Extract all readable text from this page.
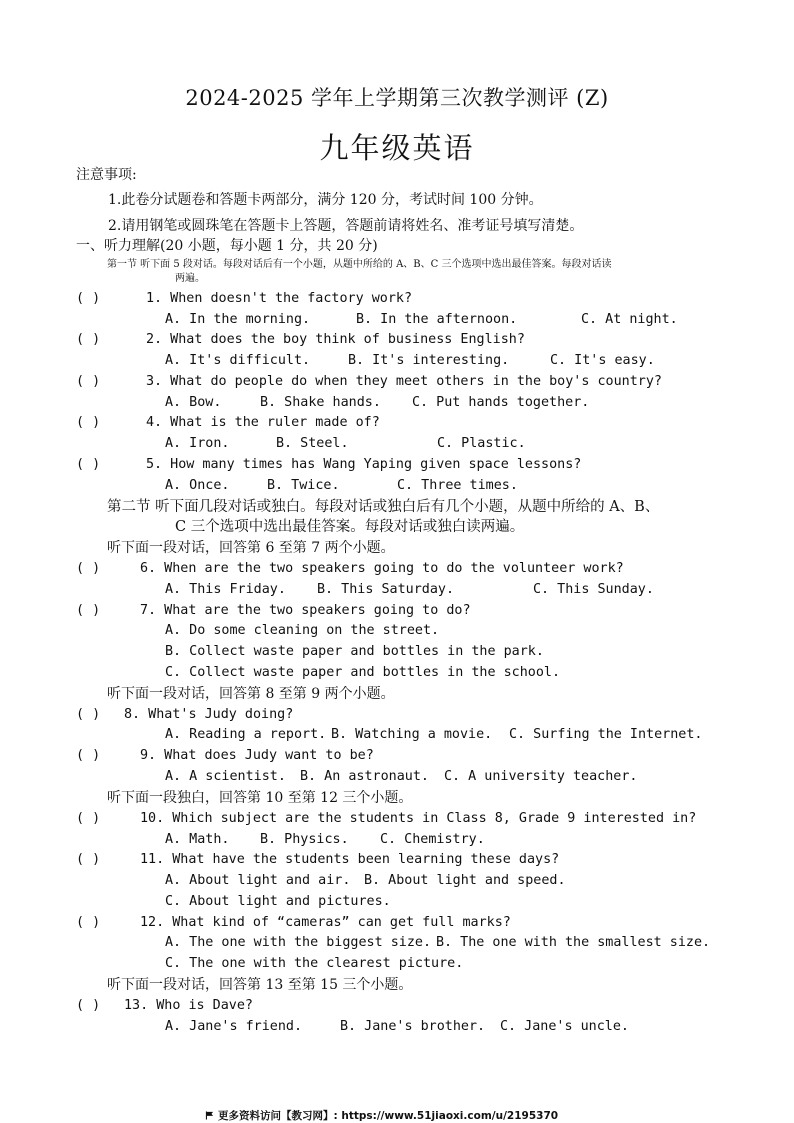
2024-2025 学年上学期第三次教学测评 (Z)
九年级英语
注意事项:
1.此卷分试题卷和答题卡两部分，满分 120 分，考试时间 100 分钟。
2.请用钢笔或圆珠笔在答题卡上答题，答题前请将姓名、准考证号填写清楚。
一、听力理解(20 小题，每小题 1 分，共 20 分)
第一节 听下面 5 段对话。每段对话后有一个小题，从题中所给的 A、B、C 三个选项中选出最佳答案。每段对话读
两遍。
( )	1. When doesn't the factory work?
A. In the morning.	B. In the afternoon.	C. At night.
( )	2. What does the boy think of business English?
A. It's difficult.	B. It's interesting.	C. It's easy.
( )	3. What do people do when they meet others in the boy's country?
A. Bow.	B. Shake hands. C. Put hands together.
( )	4. What is the ruler made of?
A. Iron.	B. Steel.	C. Plastic.
( )	5. How many times has Wang Yaping given space lessons?
A. Once.	B. Twice.	C. Three times.
第二节 听下面几段对话或独白。每段对话或独白后有几个小题，从题中所给的 A、B、
C 三个选项中选出最佳答案。每段对话或独白读两遍。
听下面一段对话，回答第 6 至第 7 两个小题。
( )	6. When are the two speakers going to do the volunteer work?
A. This Friday. B. This Saturday.	C. This Sunday.
( )	7. What are the two speakers going to do?
A. Do some cleaning on the street.
B. Collect waste paper and bottles in the park.
C. Collect waste paper and bottles in the school.
听下面一段对话，回答第 8 至第 9 两个小题。
( ) 8. What's Judy doing?
A. Reading a report. B. Watching a movie. C. Surfing the Internet.
( )	9. What does Judy want to be?
A. A scientist. B. An astronaut. C. A university teacher.
听下面一段独白，回答第 10 至第 12 三个小题。
( )	10. Which subject are the students in Class 8, Grade 9 interested in?
A. Math. B. Physics. C. Chemistry.
( )	11. What have the students been learning these days?
A. About light and air. B. About light and speed.
C. About light and pictures.
( )	12. What kind of “cameras” can get full marks?
A. The one with the biggest size. B. The one with the smallest size.
C. The one with the clearest picture.
听下面一段对话，回答第 13 至第 15 三个小题。
( ) 13. Who is Dave?
A. Jane's friend.	B. Jane's brother. C. Jane's uncle.
更多资料访问【教习网】: https://www.51jiaoxi.com/u/2195370
